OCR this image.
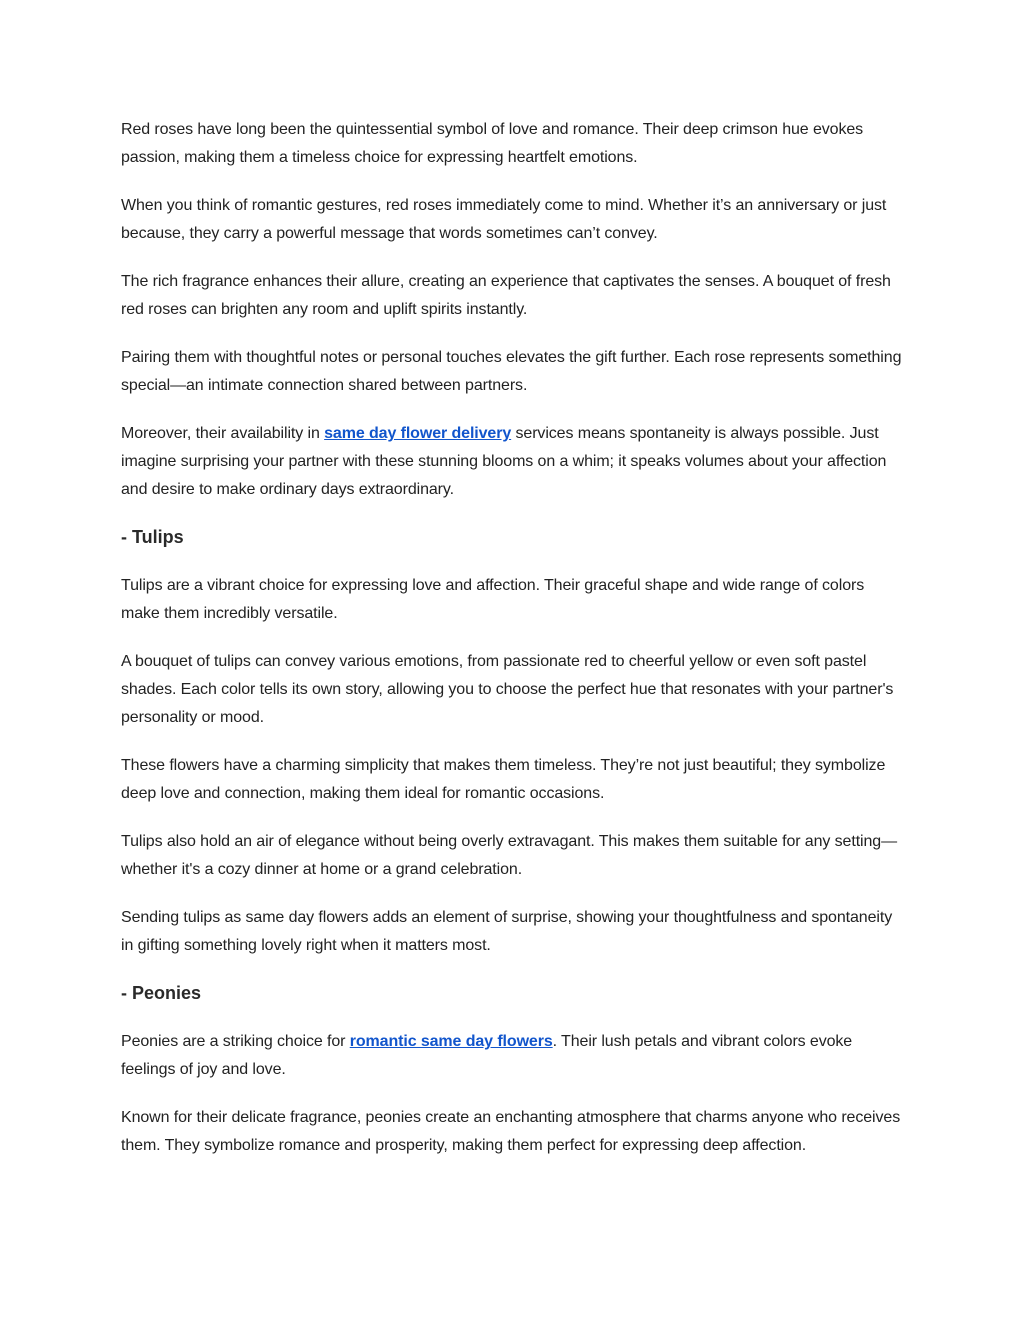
Red roses have long been the quintessential symbol of love and romance. Their deep crimson hue evokes passion, making them a timeless choice for expressing heartfelt emotions.

When you think of romantic gestures, red roses immediately come to mind. Whether it’s an anniversary or just because, they carry a powerful message that words sometimes can’t convey.

The rich fragrance enhances their allure, creating an experience that captivates the senses. A bouquet of fresh red roses can brighten any room and uplift spirits instantly.

Pairing them with thoughtful notes or personal touches elevates the gift further. Each rose represents something special—an intimate connection shared between partners.

Moreover, their availability in same day flower delivery services means spontaneity is always possible. Just imagine surprising your partner with these stunning blooms on a whim; it speaks volumes about your affection and desire to make ordinary days extraordinary.

- Tulips

Tulips are a vibrant choice for expressing love and affection. Their graceful shape and wide range of colors make them incredibly versatile.

A bouquet of tulips can convey various emotions, from passionate red to cheerful yellow or even soft pastel shades. Each color tells its own story, allowing you to choose the perfect hue that resonates with your partner's personality or mood.

These flowers have a charming simplicity that makes them timeless. They’re not just beautiful; they symbolize deep love and connection, making them ideal for romantic occasions.

Tulips also hold an air of elegance without being overly extravagant. This makes them suitable for any setting—whether it's a cozy dinner at home or a grand celebration.

Sending tulips as same day flowers adds an element of surprise, showing your thoughtfulness and spontaneity in gifting something lovely right when it matters most.

- Peonies

Peonies are a striking choice for romantic same day flowers. Their lush petals and vibrant colors evoke feelings of joy and love.

Known for their delicate fragrance, peonies create an enchanting atmosphere that charms anyone who receives them. They symbolize romance and prosperity, making them perfect for expressing deep affection.
